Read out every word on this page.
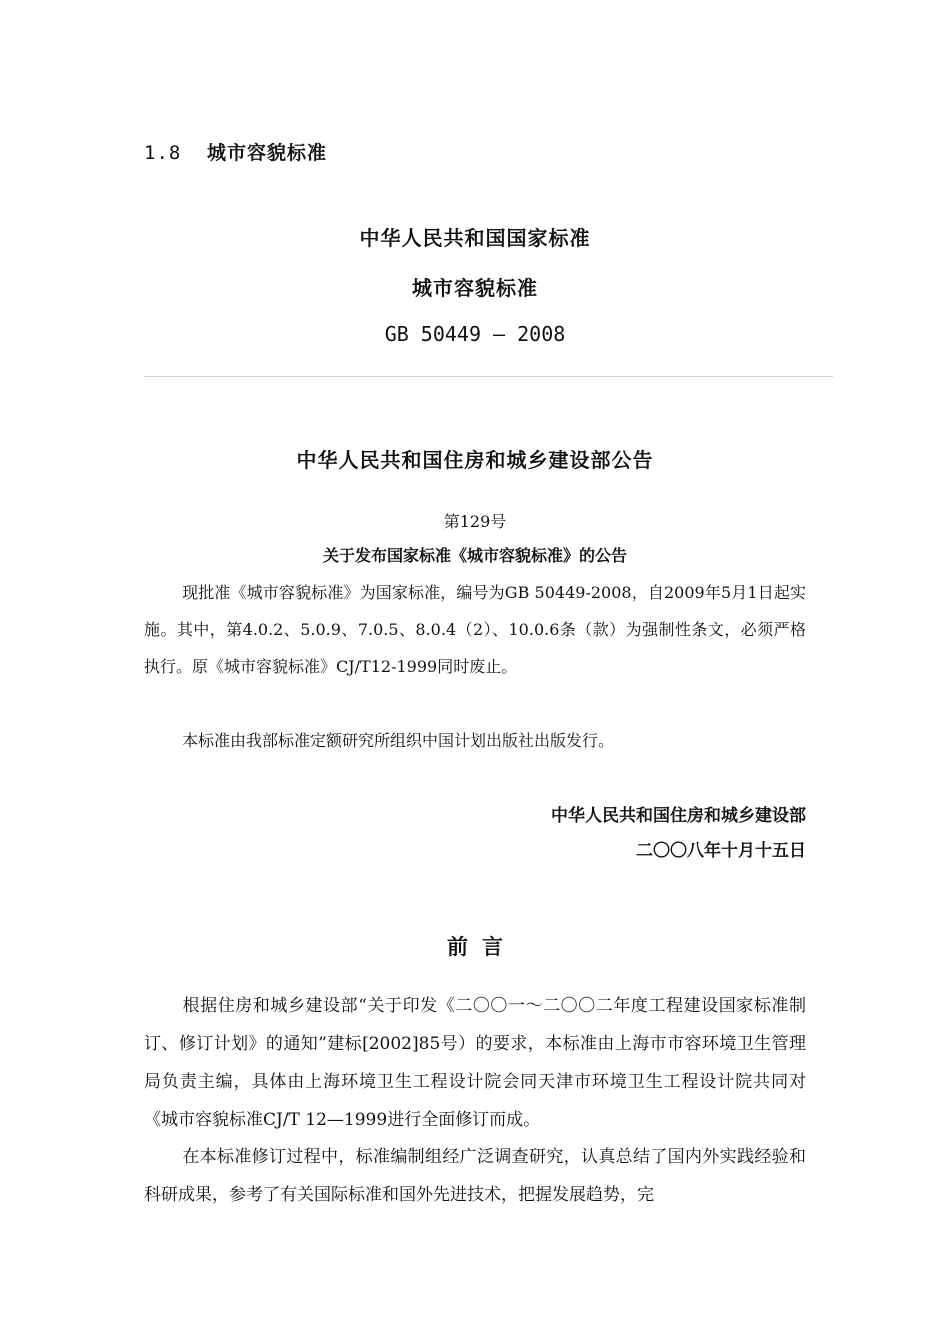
1.8 城市容貌标准
中华人民共和国国家标准
城市容貌标准
GB 50449 — 2008
中华人民共和国住房和城乡建设部公告
第129号
关于发布国家标准《城市容貌标准》的公告
现批准《城市容貌标准》为国家标准，编号为GB 50449-2008，自2009年5月1日起实施。其中，第4.0.2、5.0.9、7.0.5、8.0.4（2）、10.0.6条（款）为强制性条文，必须严格执行。原《城市容貌标准》CJ/T12-1999同时废止。
本标准由我部标准定额研究所组织中国计划出版社出版发行。
中华人民共和国住房和城乡建设部
二〇〇八年十月十五日
前言
根据住房和城乡建设部“关于印发《二〇〇一～二〇〇二年度工程建设国家标准制订、修订计划》的通知”建标[2002]85号）的要求，本标准由上海市市容环境卫生管理局负责主编，具体由上海环境卫生工程设计院会同天津市环境卫生工程设计院共同对《城市容貌标准CJ/T 12—1999进行全面修订而成。
在本标准修订过程中，标准编制组经广泛调查研究，认真总结了国内外实践经验和科研成果，参考了有关国际标准和国外先进技术，把握发展趋势，完
